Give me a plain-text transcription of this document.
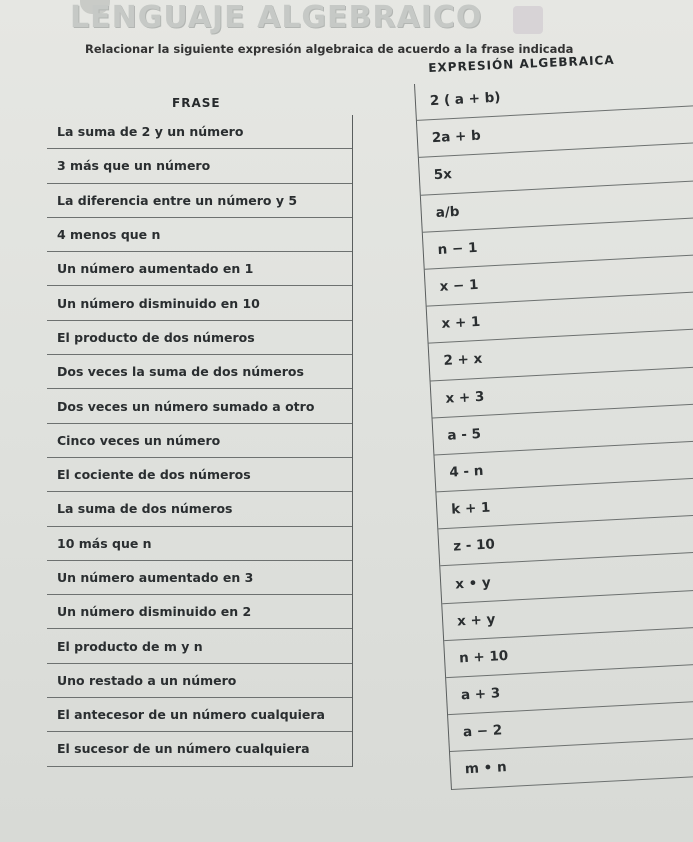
LENGUAJE ALGEBRAICO
Relacionar la siguiente expresión algebraica de acuerdo a la frase indicada
FRASE
EXPRESIÓN ALGEBRAICA
La suma de 2 y un número
3 más que un número
La diferencia entre un número y 5
4 menos que n
Un número aumentado en 1
Un número disminuido en 10
El producto de dos números
Dos veces la suma de dos números
Dos veces un número sumado a otro
Cinco veces un número
El cociente de dos números
La suma de dos números
10 más que n
Un número aumentado en 3
Un número disminuido en 2
El producto de m y n
Uno restado a un número
El antecesor de un número cualquiera
El sucesor de un número cualquiera
2 ( a + b)
2a + b
5x
a/b
n − 1
x − 1
x + 1
2 + x
x + 3
a - 5
4 - n
k + 1
z - 10
x • y
x + y
n + 10
a + 3
a − 2
m • n
